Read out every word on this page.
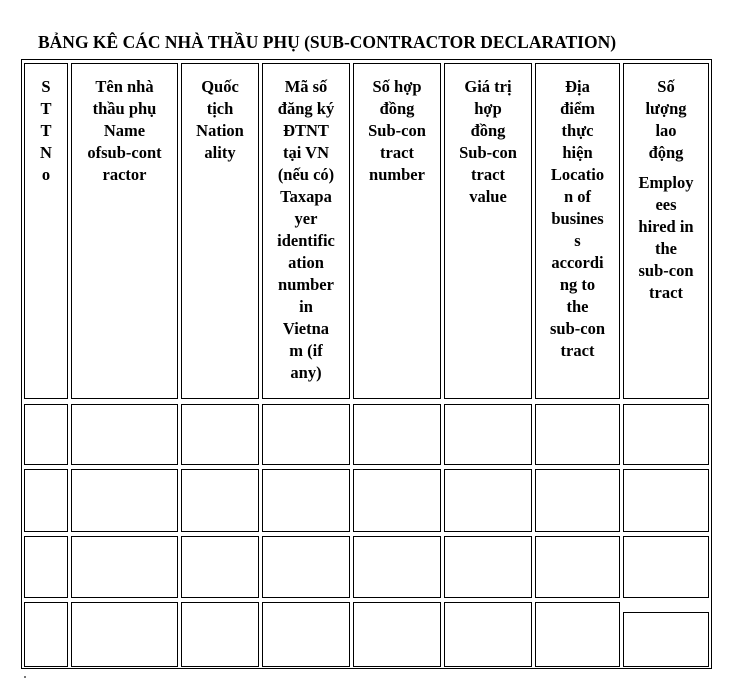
BẢNG KÊ CÁC NHÀ THẦU PHỤ (SUB-CONTRACTOR DECLARATION)
S
T
T
N
o
Tên nhà
thầu phụ
Name
ofsub-cont
ractor
Quốc
tịch
Nation
ality
Mã số
đăng ký
ĐTNT
tại VN
(nếu có)
Taxapa
yer
identific
ation
number
in
Vietna
m (if
any)
Số hợp
đồng
Sub-con
tract
number
Giá trị
hợp
đồng
Sub-con
tract
value
Địa
điểm
thực
hiện
Locatio
n of
busines
s
accordi
ng to
the
sub-con
tract
Số
lượng
lao
động
Employ
ees
hired in
the
sub-con
tract
